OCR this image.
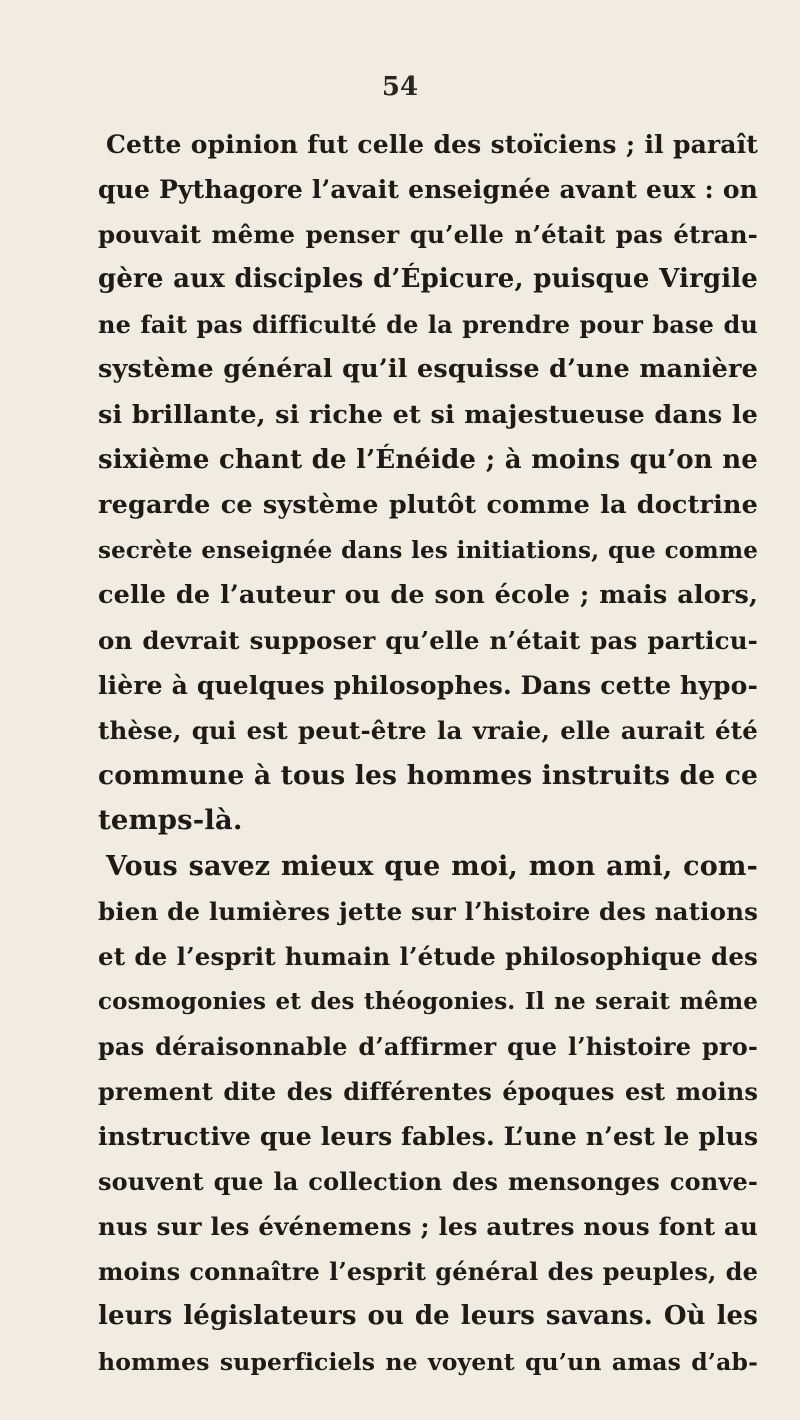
54
Cette opinion fut celle des stoïciens ; il paraît
que Pythagore l’avait enseignée avant eux : on
pouvait même penser qu’elle n’était pas étran-
gère aux disciples d’Épicure, puisque Virgile
ne fait pas difficulté de la prendre pour base du
système général qu’il esquisse d’une manière
si brillante, si riche et si majestueuse dans le
sixième chant de l’Énéide ; à moins qu’on ne
regarde ce système plutôt comme la doctrine
secrète enseignée dans les initiations, que comme
celle de l’auteur ou de son école ; mais alors,
on devrait supposer qu’elle n’était pas particu-
lière à quelques philosophes. Dans cette hypo-
thèse, qui est peut-être la vraie, elle aurait été
commune à tous les hommes instruits de ce
temps-là.
Vous savez mieux que moi, mon ami, com-
bien de lumières jette sur l’histoire des nations
et de l’esprit humain l’étude philosophique des
cosmogonies et des théogonies. Il ne serait même
pas déraisonnable d’affirmer que l’histoire pro-
prement dite des différentes époques est moins
instructive que leurs fables. L’une n’est le plus
souvent que la collection des mensonges conve-
nus sur les événemens ; les autres nous font au
moins connaître l’esprit général des peuples, de
leurs législateurs ou de leurs savans. Où les
hommes superficiels ne voyent qu’un amas d’ab-
